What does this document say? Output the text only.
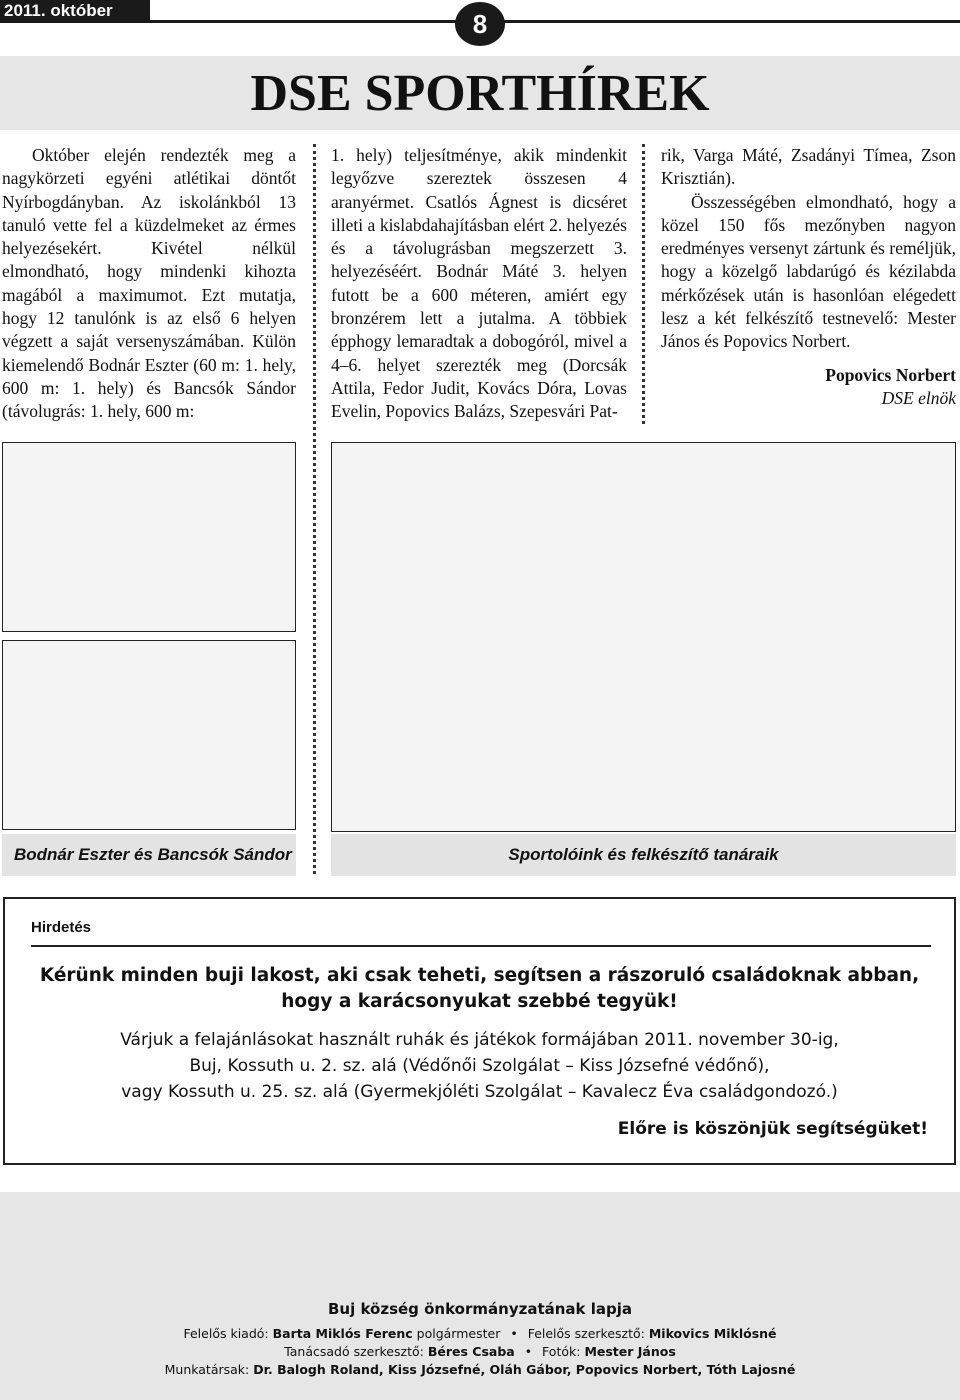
2011. október	8
DSE SPORTHÍREK

Október elején rendezték meg a nagykörzeti egyéni atlétikai döntőt Nyírbogdányban. Az iskolánkból 13 tanuló vette fel a küzdelmeket az érmes helyezésekért. Kivétel nélkül elmondható, hogy mindenki kihozta magából a maximumot. Ezt mutatja, hogy 12 tanulónk is az első 6 helyen végzett a saját versenyszámában. Külön kiemelendő Bodnár Eszter (60 m: 1. hely, 600 m: 1. hely) és Bancsók Sándor (távolugrás: 1. hely, 600 m:

1. hely) teljesítménye, akik mindenkit legyőzve szereztek összesen 4 aranyérmet. Csatlós Ágnest is dicséret illeti a kislabdahajításban elért 2. helyezés és a távolugrásban megszerzett 3. helyezéséért. Bodnár Máté 3. helyen futott be a 600 méteren, amiért egy bronzérem lett a jutalma. A többiek épphogy lemaradtak a dobogóról, mivel a 4–6. helyet szerezték meg (Dorcsák Attila, Fedor Judit, Kovács Dóra, Lovas Evelin, Popovics Balázs, Szepesvári Pat-

rik, Varga Máté, Zsadányi Tímea, Zson Krisztián).

Összességében elmondható, hogy a közel 150 fős mezőnyben nagyon eredményes versenyt zártunk és reméljük, hogy a közelgő labdarúgó és kézilabda mérkőzések után is hasonlóan elégedett lesz a két felkészítő testnevelő: Mester János és Popovics Norbert.

Popovics Norbert

DSE elnök

Bodnár Eszter és Bancsók Sándor	Sportolóink és felkészítő tanáraik
Hirdetés
Kérünk minden buji lakost, aki csak teheti, segítsen a rászoruló családoknak abban,
hogy a karácsonyukat szebbé tegyük!
Várjuk a felajánlásokat használt ruhák és játékok formájában 2011. november 30-ig,
Buj, Kossuth u. 2. sz. alá (Védőnői Szolgálat – Kiss Józsefné védőnő),
vagy Kossuth u. 25. sz. alá (Gyermekjóléti Szolgálat – Kavalecz Éva családgondozó.)
Előre is köszönjük segítségüket!
Buj község önkormányzatának lapja
Felelős kiadó: Barta Miklós Ferenc polgármester • Felelős szerkesztő: Mikovics Miklósné
Tanácsadó szerkesztő: Béres Csaba • Fotók: Mester János
Munkatársak: Dr. Balogh Roland, Kiss Józsefné, Oláh Gábor, Popovics Norbert, Tóth Lajosné
